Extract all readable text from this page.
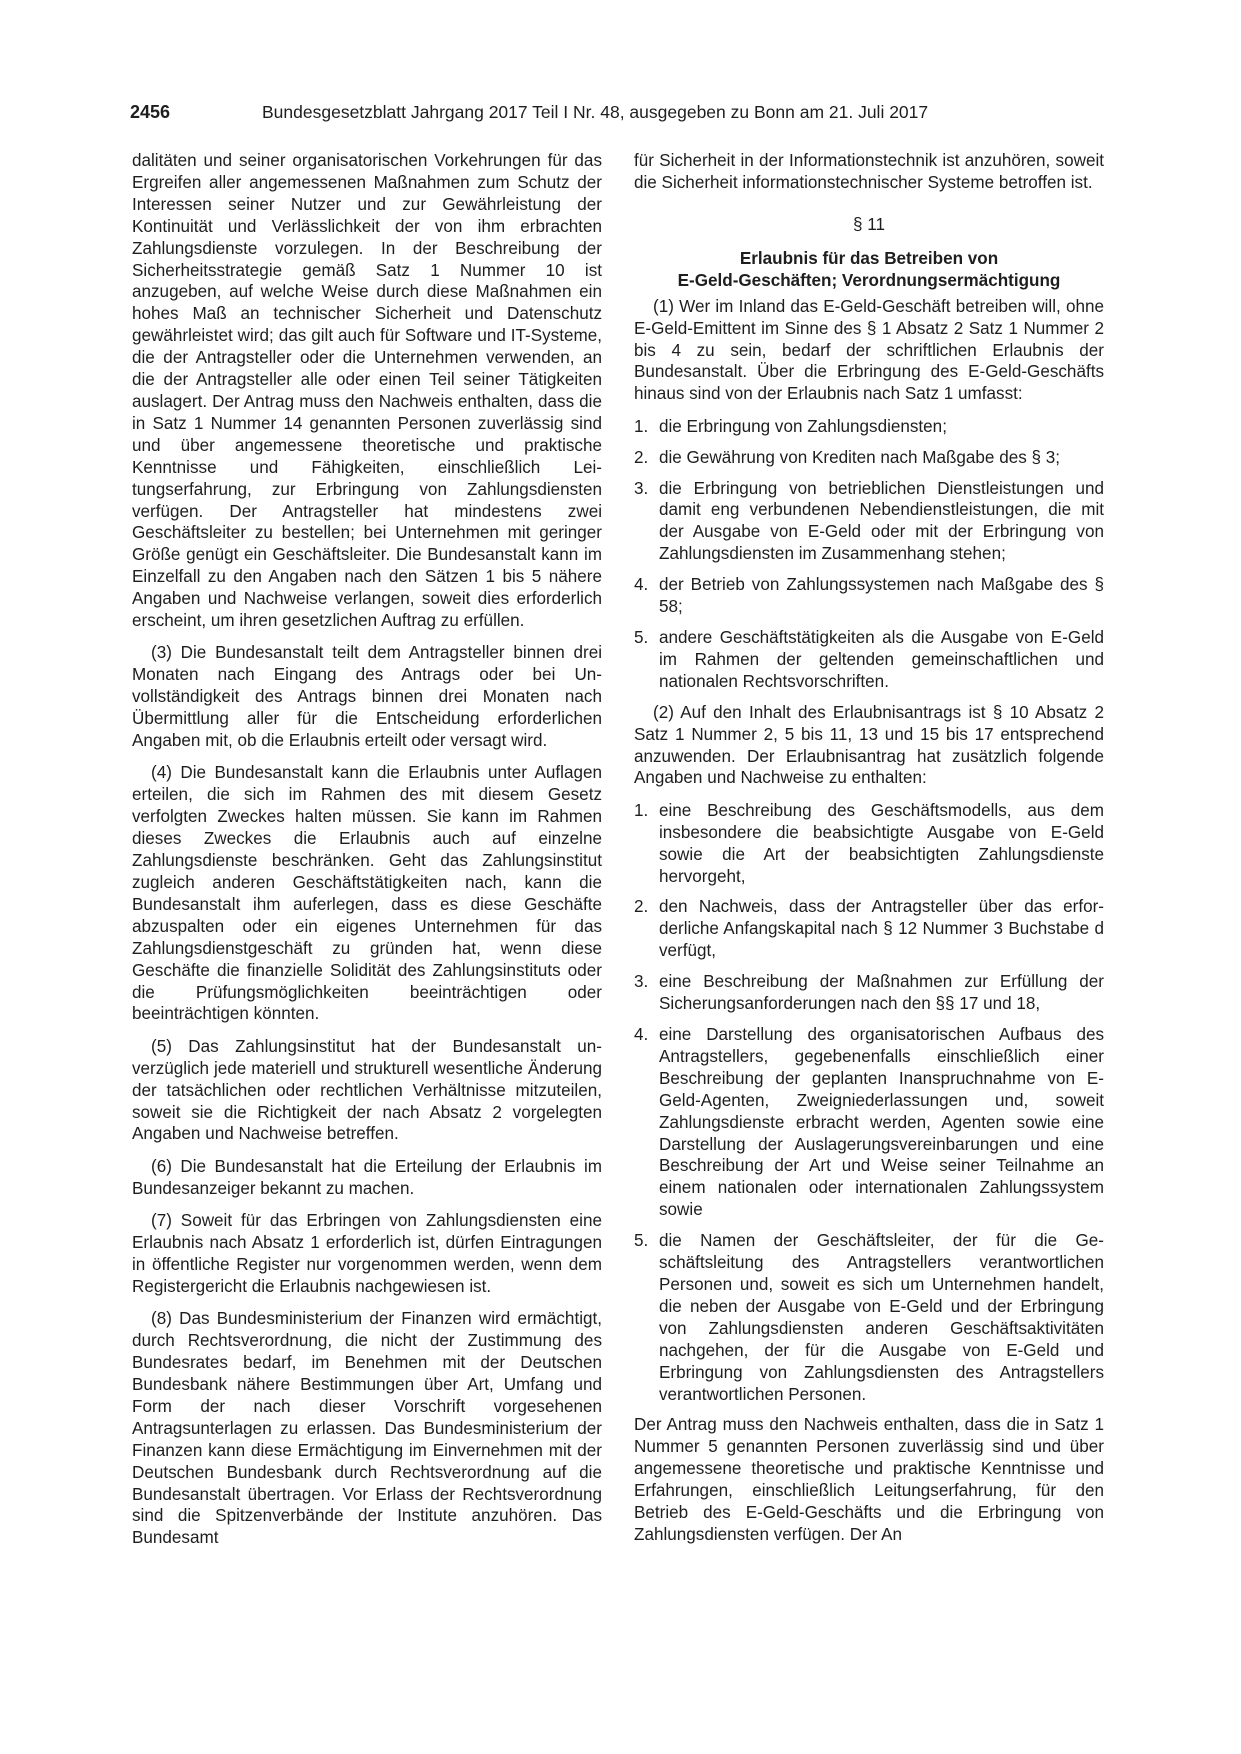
2456	Bundesgesetzblatt Jahrgang 2017 Teil I Nr. 48, ausgegeben zu Bonn am 21. Juli 2017

dalitäten und seiner organisatorischen Vorkehrungen für das Ergreifen aller angemessenen Maßnahmen zum Schutz der Interessen seiner Nutzer und zur Gewährleistung der Kontinuität und Verlässlichkeit der von ihm erbrachten Zahlungsdienste vorzulegen. In der Beschreibung der Sicherheitsstrategie gemäß Satz 1 Nummer 10 ist anzugeben, auf welche Weise durch diese Maßnahmen ein hohes Maß an technischer Sicherheit und Datenschutz gewährleistet wird; das gilt auch für Software und IT-Systeme, die der Antragsteller oder die Unternehmen verwenden, an die der Antragsteller alle oder einen Teil seiner Tätigkeiten auslagert. Der Antrag muss den Nachweis enthalten, dass die in Satz 1 Nummer 14 genannten Personen zuverlässig sind und über angemessene theoretische und praktische Kenntnisse und Fähigkeiten, einschließlich Leitungserfahrung, zur Erbringung von Zahlungsdiensten verfügen. Der Antragsteller hat mindestens zwei Geschäftsleiter zu bestellen; bei Unternehmen mit geringer Größe genügt ein Geschäftsleiter. Die Bundesanstalt kann im Einzelfall zu den Angaben nach den Sätzen 1 bis 5 nähere Angaben und Nachweise verlangen, soweit dies erforderlich erscheint, um ihren gesetzlichen Auftrag zu erfüllen.

(3) Die Bundesanstalt teilt dem Antragsteller binnen drei Monaten nach Eingang des Antrags oder bei Unvollständigkeit des Antrags binnen drei Monaten nach Übermittlung aller für die Entscheidung erforderlichen Angaben mit, ob die Erlaubnis erteilt oder versagt wird.

(4) Die Bundesanstalt kann die Erlaubnis unter Auflagen erteilen, die sich im Rahmen des mit diesem Gesetz verfolgten Zweckes halten müssen. Sie kann im Rahmen dieses Zweckes die Erlaubnis auch auf einzelne Zahlungsdienste beschränken. Geht das Zahlungsinstitut zugleich anderen Geschäftstätigkeiten nach, kann die Bundesanstalt ihm auferlegen, dass es diese Geschäfte abzuspalten oder ein eigenes Unternehmen für das Zahlungsdienstgeschäft zu gründen hat, wenn diese Geschäfte die finanzielle Solidität des Zahlungsinstituts oder die Prüfungsmöglichkeiten beeinträchtigen oder beeinträchtigen könnten.

(5) Das Zahlungsinstitut hat der Bundesanstalt unverzüglich jede materiell und strukturell wesentliche Änderung der tatsächlichen oder rechtlichen Verhältnisse mitzuteilen, soweit sie die Richtigkeit der nach Absatz 2 vorgelegten Angaben und Nachweise betreffen.

(6) Die Bundesanstalt hat die Erteilung der Erlaubnis im Bundesanzeiger bekannt zu machen.

(7) Soweit für das Erbringen von Zahlungsdiensten eine Erlaubnis nach Absatz 1 erforderlich ist, dürfen Eintragungen in öffentliche Register nur vorgenommen werden, wenn dem Registergericht die Erlaubnis nachgewiesen ist.

(8) Das Bundesministerium der Finanzen wird ermächtigt, durch Rechtsverordnung, die nicht der Zustimmung des Bundesrates bedarf, im Benehmen mit der Deutschen Bundesbank nähere Bestimmungen über Art, Umfang und Form der nach dieser Vorschrift vorgesehenen Antragsunterlagen zu erlassen. Das Bundesministerium der Finanzen kann diese Ermächtigung im Einvernehmen mit der Deutschen Bundesbank durch Rechtsverordnung auf die Bundesanstalt übertragen. Vor Erlass der Rechtsverordnung sind die Spitzenverbände der Institute anzuhören. Das Bundesamt

für Sicherheit in der Informationstechnik ist anzuhören, soweit die Sicherheit informationstechnischer Systeme betroffen ist.

§ 11
Erlaubnis für das Betreiben von
E-Geld-Geschäften; Verordnungsermächtigung

(1) Wer im Inland das E-Geld-Geschäft betreiben will, ohne E-Geld-Emittent im Sinne des § 1 Absatz 2 Satz 1 Nummer 2 bis 4 zu sein, bedarf der schriftlichen Erlaubnis der Bundesanstalt. Über die Erbringung des E-Geld-Geschäfts hinaus sind von der Erlaubnis nach Satz 1 umfasst:

1. die Erbringung von Zahlungsdiensten;
2. die Gewährung von Krediten nach Maßgabe des § 3;
3. die Erbringung von betrieblichen Dienstleistungen und damit eng verbundenen Nebendienstleistungen, die mit der Ausgabe von E-Geld oder mit der Erbringung von Zahlungsdiensten im Zusammenhang stehen;
4. der Betrieb von Zahlungssystemen nach Maßgabe des § 58;
5. andere Geschäftstätigkeiten als die Ausgabe von E-Geld im Rahmen der geltenden gemeinschaftlichen und nationalen Rechtsvorschriften.

(2) Auf den Inhalt des Erlaubnisantrags ist § 10 Absatz 2 Satz 1 Nummer 2, 5 bis 11, 13 und 15 bis 17 entsprechend anzuwenden. Der Erlaubnisantrag hat zusätzlich folgende Angaben und Nachweise zu enthalten:

1. eine Beschreibung des Geschäftsmodells, aus dem insbesondere die beabsichtigte Ausgabe von E-Geld sowie die Art der beabsichtigten Zahlungsdienste hervorgeht,
2. den Nachweis, dass der Antragsteller über das erforderliche Anfangskapital nach § 12 Nummer 3 Buchstabe d verfügt,
3. eine Beschreibung der Maßnahmen zur Erfüllung der Sicherungsanforderungen nach den §§ 17 und 18,
4. eine Darstellung des organisatorischen Aufbaus des Antragstellers, gegebenenfalls einschließlich einer Beschreibung der geplanten Inanspruchnahme von E-Geld-Agenten, Zweigniederlassungen und, soweit Zahlungsdienste erbracht werden, Agenten sowie eine Darstellung der Auslagerungsvereinbarungen und eine Beschreibung der Art und Weise seiner Teilnahme an einem nationalen oder internationalen Zahlungssystem sowie
5. die Namen der Geschäftsleiter, der für die Geschäftsleitung des Antragstellers verantwortlichen Personen und, soweit es sich um Unternehmen handelt, die neben der Ausgabe von E-Geld und der Erbringung von Zahlungsdiensten anderen Geschäftsaktivitäten nachgehen, der für die Ausgabe von E-Geld und Erbringung von Zahlungsdiensten des Antragstellers verantwortlichen Personen.

Der Antrag muss den Nachweis enthalten, dass die in Satz 1 Nummer 5 genannten Personen zuverlässig sind und über angemessene theoretische und praktische Kenntnisse und Erfahrungen, einschließlich Leitungserfahrung, für den Betrieb des E-Geld-Geschäfts und die Erbringung von Zahlungsdiensten verfügen. Der An
